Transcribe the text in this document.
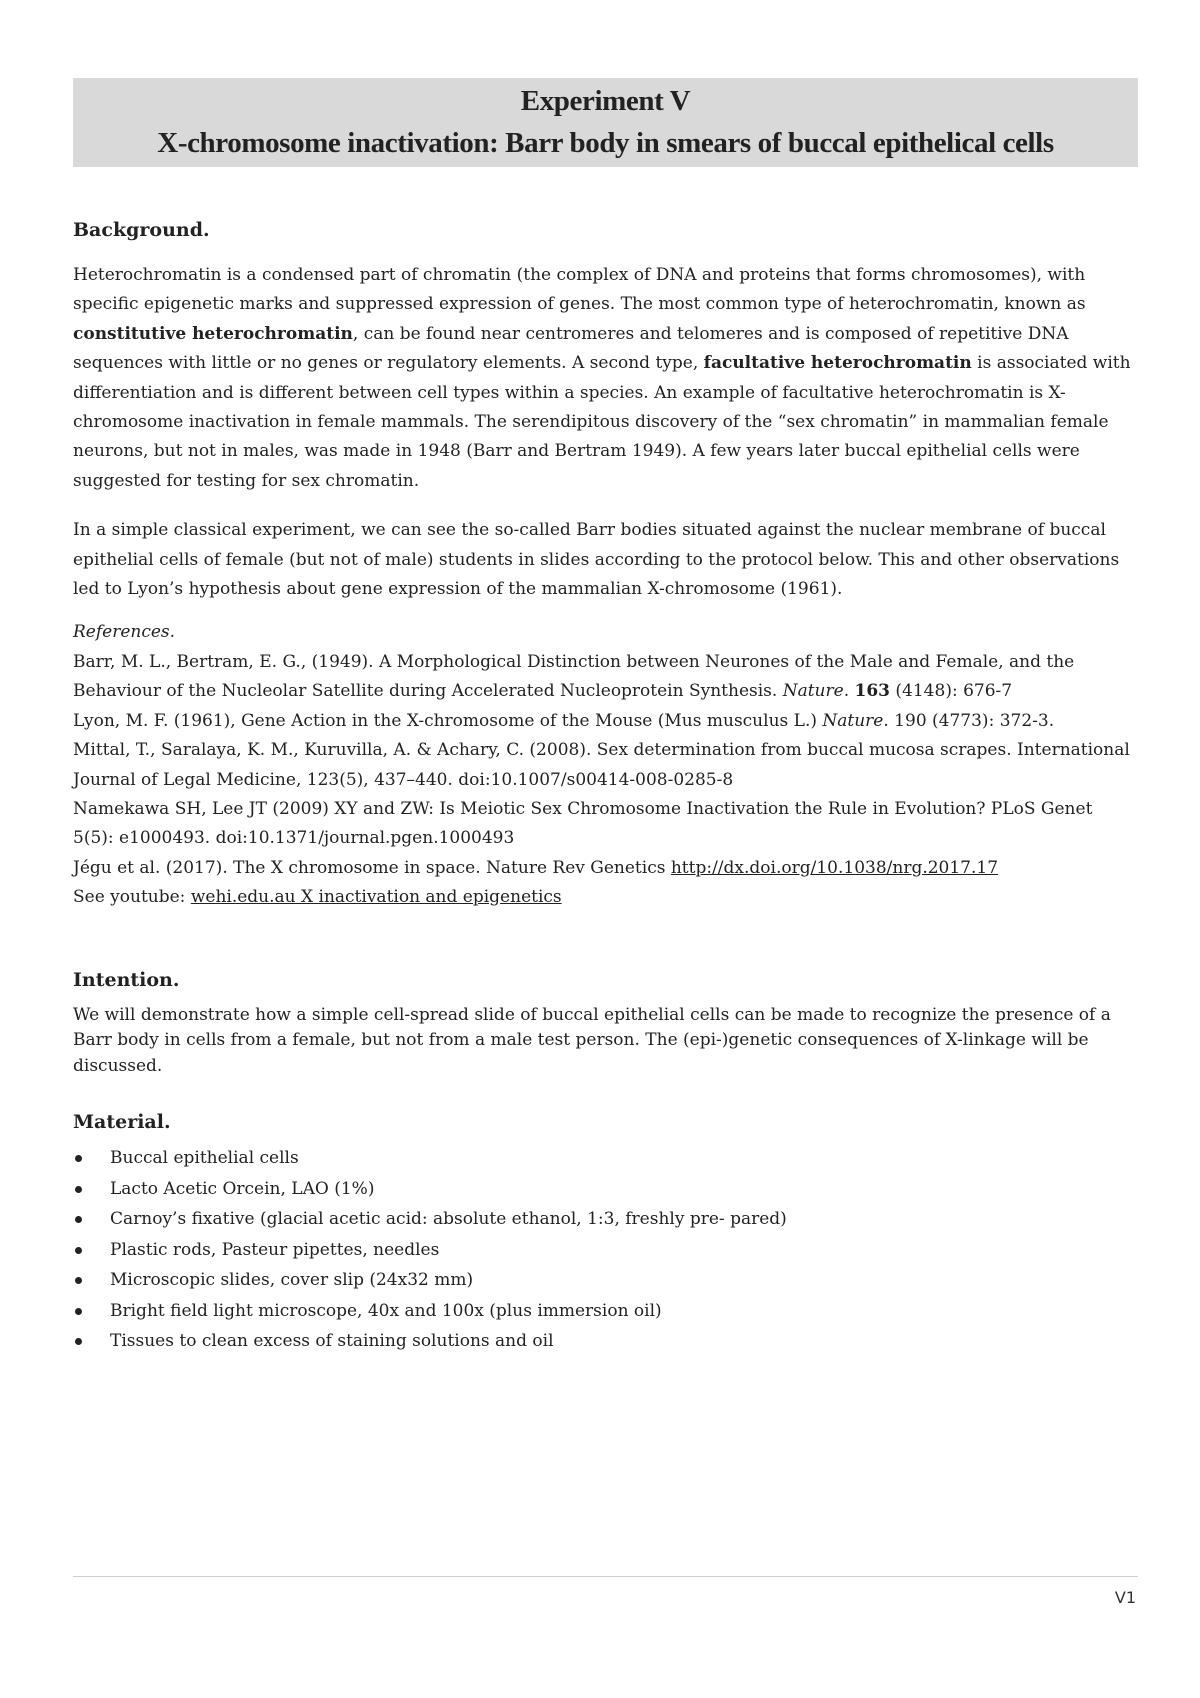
Experiment V
X-chromosome inactivation: Barr body in smears of buccal epithelical cells
Background.

Heterochromatin is a condensed part of chromatin (the complex of DNA and proteins that forms chromosomes), with specific epigenetic marks and suppressed expression of genes. The most common type of heterochromatin, known as constitutive heterochromatin, can be found near centromeres and telomeres and is composed of repetitive DNA sequences with little or no genes or regulatory elements. A second type, facultative heterochromatin is associated with differentiation and is different between cell types within a species. An example of facultative heterochromatin is X-chromosome inactivation in female mammals. The serendipitous discovery of the “sex chromatin” in mammalian female neurons, but not in males, was made in 1948 (Barr and Bertram 1949). A few years later buccal epithelial cells were suggested for testing for sex chromatin.

In a simple classical experiment, we can see the so-called Barr bodies situated against the nuclear membrane of buccal epithelial cells of female (but not of male) students in slides according to the protocol below. This and other observations led to Lyon’s hypothesis about gene expression of the mammalian X-chromosome (1961).

References.
Barr, M. L., Bertram, E. G., (1949). A Morphological Distinction between Neurones of the Male and Female, and the Behaviour of the Nucleolar Satellite during Accelerated Nucleoprotein Synthesis. Nature. 163 (4148): 676-7
Lyon, M. F. (1961), Gene Action in the X-chromosome of the Mouse (Mus musculus L.) Nature. 190 (4773): 372-3.
Mittal, T., Saralaya, K. M., Kuruvilla, A. & Achary, C. (2008). Sex determination from buccal mucosa scrapes. International Journal of Legal Medicine, 123(5), 437–440. doi:10.1007/s00414-008-0285-8
Namekawa SH, Lee JT (2009) XY and ZW: Is Meiotic Sex Chromosome Inactivation the Rule in Evolution? PLoS Genet 5(5): e1000493. doi:10.1371/journal.pgen.1000493
Jégu et al. (2017). The X chromosome in space. Nature Rev Genetics http://dx.doi.org/10.1038/nrg.2017.17
See youtube: wehi.edu.au X inactivation and epigenetics
Intention.
We will demonstrate how a simple cell-spread slide of buccal epithelial cells can be made to recognize the presence of a Barr body in cells from a female, but not from a male test person. The (epi-)genetic consequences of X-linkage will be discussed.
Material.
Buccal epithelial cells
Lacto Acetic Orcein, LAO (1%)
Carnoy’s fixative (glacial acetic acid: absolute ethanol, 1:3, freshly pre- pared)
Plastic rods, Pasteur pipettes, needles
Microscopic slides, cover slip (24x32 mm)
Bright field light microscope, 40x and 100x (plus immersion oil)
Tissues to clean excess of staining solutions and oil
V1
